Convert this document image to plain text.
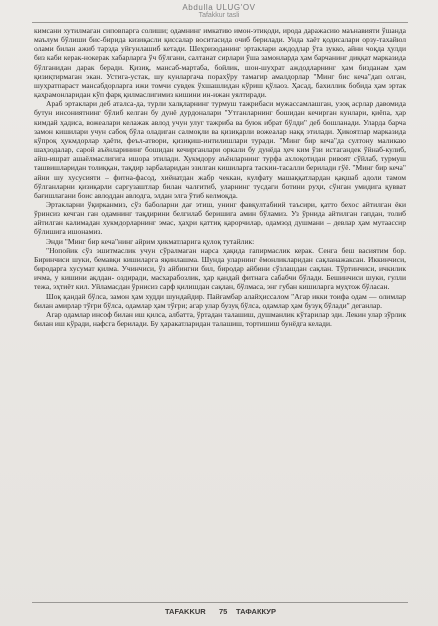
Abdulla ULUG'OV
Tafakkur tasli

кимсани хутилмаган сиповпарга солиши; одамнинг имкатию имон-этиқоди, ирода даражасию маънавияти ўшанда маълум бўлиши бис-бирида кизиқасли қиссалар воситасида очиб берилади. Унда хаёт қодисалари орзу-тахайюл олами билан ажиб тарзда уйғунлашиб кетади. Шеҳризоданинг эртаклари аждодлар ўта зукко, айни чоқда ҳулди биз каби керак-нокерак хабарларга ўч бўлгани, салтанат сирлари ўша замонларда ҳам барчанинг диққат марказида бўлганидан дарак беради. Қизиқ, мансаб-мартаба, бойлик, шон-шуҳрат аждодларнинг ҳам бизданам ҳам қизиқтирмаган экан. Устига-устак, шу кунларгача порахўру тамагир амалдорлар "Минг бис кеча"дап олган, шуҳратпараст мансабдорларга ижи томчи сувдек ўхшашлидан кўриш қўлаоз. Ҳасад, бахиллик бобида ҳам эртак қаҳрамонларидан кўп фарқ қилмаслигимиз кишини ин-ижан уялтиради.

Араб эртаклари деб аталса-да, турли халқларнинг турмуш тажрибаси мужассамлашган, узоқ асрлар давомида бутун инсониятнинг бўлиб келган бу дунё дурдоналари "Утганларнинг бошидан кечирган кунлари, қиёпа, ҳар кимдай ҳадиса, вожеалари келажак авлод учун улуг тажриба ва буюк ибрат бўлди" деб бошланади. Уларда барча замон кишилари учун сабоқ бўла оладиган салмоқли ва қизиқарли вожеалар наққ этилади. Ҳикоятлар марказида кўпроқ ҳукмдорлар ҳаёти, феъл-атвори, қизиқиш-интилишлари туради. "Минг бир кеча"да султону маликаю шаҳзодалар, сарой аъёнларининг бошидан кечирганлари оркали бу дунёда ҳеч ким ўзи истагандек ўйнаб-кулиб, айш-ишрат ашаёлмаслигига ишора этилади. Хукмдору аъёнларнинг турфа ахлоқотидан ривоят сўйлаб, турмуш ташвишларидан толиққан, тақдир зарбаларидан эзилган кишиларга таскин-тасалли берилади гўё. "Минг бир кеча" айни шу хусусияти – фитна-фасод, хиёнатдан жабр чеккан, кулфату машаққатлардан қақшаб адоли тамом бўлганларни қизиқарли саргузаштлар билан чалғитиб, уларнинг тусдаги ботини руҳи, сўнган умидига қувват бағишлагани боис авлоддан авлодга, элдан элга ўтиб келмоқда.

Эртакларни ўқирканмиз, сўз баболарни дағ этиш, унинг фавқултабиий таъсири, қатто бехос айтилган ёки ўринсиз кечган ган одамнинг тақдирини белгилаб беришига амин бўламиз. Уз ўрнида айтилган гапдан, толиб айтилган калимадан хукмдорларнинг эмас, ҳаҳри қаттиқ қарорчилар, одамзод душмани – девлар ҳам мутаассир бўлишига ишонамиз.

Энди "Минг бир кеча"нинг айрим ҳикматларига қулоқ тутайлик:

"Нопойик сўз эшитмаслик учун сўралмаган нарса ҳақида гапирмаслик керак. Сенга беш васиятим бор. Биринчиси шуки, бемавқи кишиларга яқинлашма. Шунда уларнинг ёмонликларидан сақланажаксан. Иккинчиси, биродарга хусумат қилма. Учинчиси, ўз айбингни бил, биродар айбини сўзлашдан сақлан. Тўртинчиси, ичкилик ичма, у кишини ақлдан- оздиради, масхарабозлик, ҳар қандай фитнага сабабчи бўлади. Бешинчиси шуки, гулли тежа, эҳтиёт кил. Уйламасдан ўрнисиз сарф қилишдан сақлан, бўлмаса, энг губан кишиларга муҳтож бўласан.

Шоқ қандай бўлса, замон ҳам худди шундайдир. Пайғамбар алайҳиссалом "Агар икки тоифа одам — олимлар билан амирлар тўғри бўлса, одамлар ҳам тўғри; агар улар бузуқ бўлса, одамлар ҳам бузуқ бўлади" деганлар.

Агар одамлар инсоф билан иш қилса, албатта, ўртадан талашиш, душманлик кўтарилар эди. Лекин улар зўрлик билан иш кўради, нафсга берилади. Бу ҳаракатларидан талашиш, тортишиш бунёдга келади.

TAFAKKUR 75 ТАФАККУР
